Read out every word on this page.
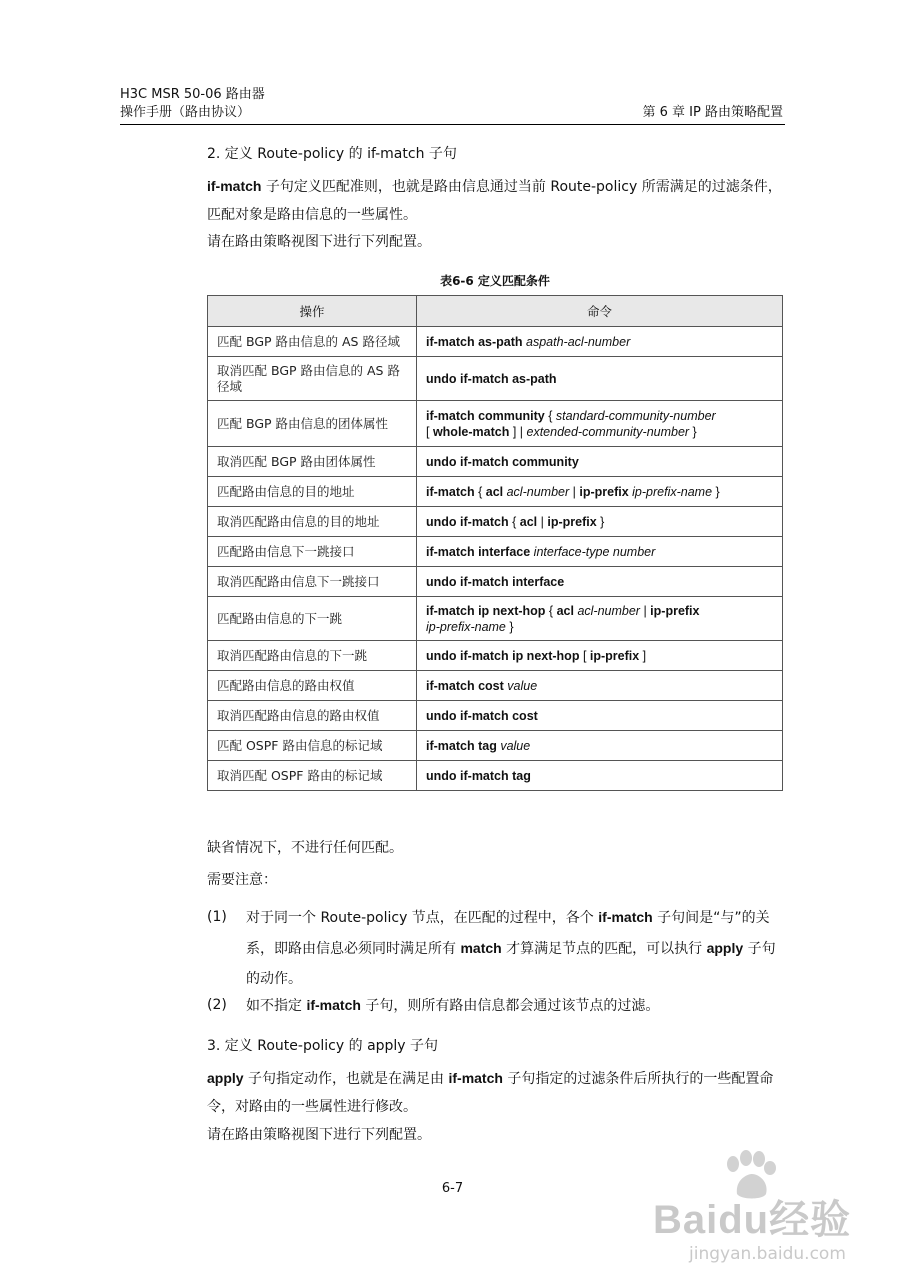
H3C MSR 50-06 路由器
操作手册（路由协议）	第 6 章 IP 路由策略配置
2. 定义 Route-policy 的 if-match 子句
if-match 子句定义匹配准则，也就是路由信息通过当前 Route-policy 所需满足的过滤条件，匹配对象是路由信息的一些属性。
请在路由策略视图下进行下列配置。
表6-6 定义匹配条件
操作	命令
匹配 BGP 路由信息的 AS 路径域	if-match as-path aspath-acl-number
取消匹配 BGP 路由信息的 AS 路径域	undo if-match as-path
匹配 BGP 路由信息的团体属性	if-match community { standard-community-number
[ whole-match ] | extended-community-number }
取消匹配 BGP 路由团体属性	undo if-match community
匹配路由信息的目的地址	if-match { acl acl-number | ip-prefix ip-prefix-name }
取消匹配路由信息的目的地址	undo if-match { acl | ip-prefix }
匹配路由信息下一跳接口	if-match interface interface-type number
取消匹配路由信息下一跳接口	undo if-match interface
匹配路由信息的下一跳	if-match ip next-hop { acl acl-number | ip-prefix
ip-prefix-name }
取消匹配路由信息的下一跳	undo if-match ip next-hop [ ip-prefix ]
匹配路由信息的路由权值	if-match cost value
取消匹配路由信息的路由权值	undo if-match cost
匹配 OSPF 路由信息的标记域	if-match tag value
取消匹配 OSPF 路由的标记域	undo if-match tag
缺省情况下，不进行任何匹配。
需要注意：
(1) 对于同一个 Route-policy 节点，在匹配的过程中，各个 if-match 子句间是“与”的关系，即路由信息必须同时满足所有 match 才算满足节点的匹配，可以执行 apply 子句的动作。
(2) 如不指定 if-match 子句，则所有路由信息都会通过该节点的过滤。
3. 定义 Route-policy 的 apply 子句
apply 子句指定动作，也就是在满足由 if-match 子句指定的过滤条件后所执行的一些配置命令，对路由的一些属性进行修改。
请在路由策略视图下进行下列配置。
6-7
Baidu经验
jingyan.baidu.com
